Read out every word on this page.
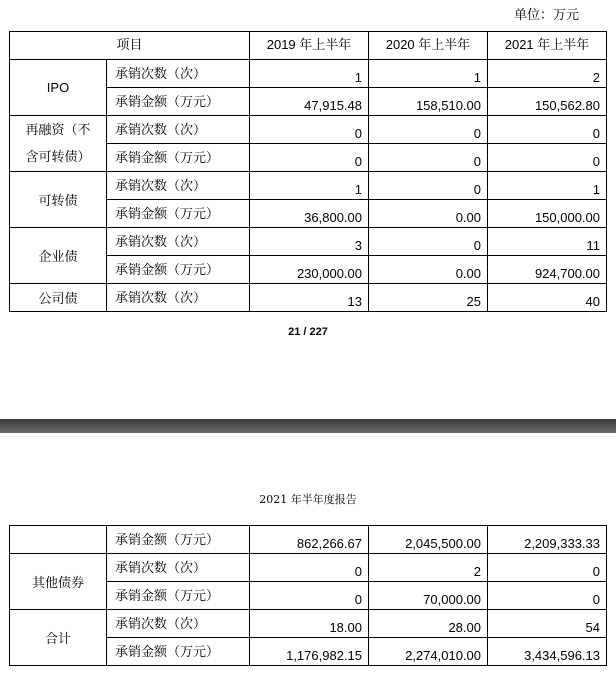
单位：万元
项目		2019 年上半年	2020 年上半年	2021 年上半年

IPO	承销次数（次）	1	1	2

	承销金额（万元）	47,915.48	158,510.00	150,562.80

再融资（不
含可转债）	承销次数（次）	0	0	0

	承销金额（万元）	0	0	0

可转债	承销次数（次）	1	0	1

	承销金额（万元）	36,800.00	0.00	150,000.00

企业债	承销次数（次）	3	0	11

	承销金额（万元）	230,000.00	0.00	924,700.00

公司债	承销次数（次）	13	25	40
21 / 227
2021 年半年度报告

	承销金额（万元）	862,266.67	2,045,500.00	2,209,333.33

其他债券	承销次数（次）	0	2	0

	承销金额（万元）	0	70,000.00	0

合计	承销次数（次）	18.00	28.00	54

	承销金额（万元）	1,176,982.15	2,274,010.00	3,434,596.13
